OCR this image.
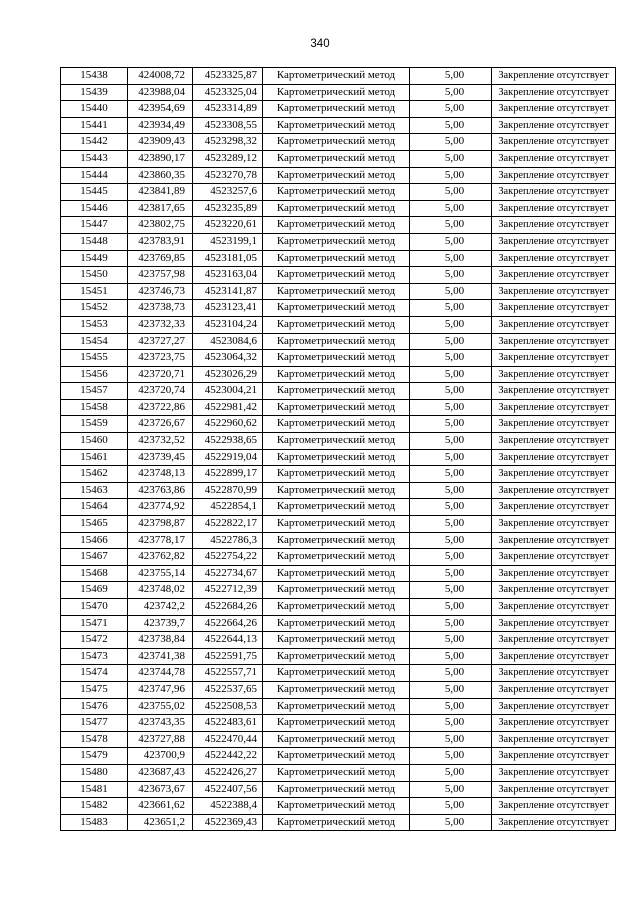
340
15438	424008,72	4523325,87	Картометрический метод	5,00	Закрепление отсутствует
15439	423988,04	4523325,04	Картометрический метод	5,00	Закрепление отсутствует
15440	423954,69	4523314,89	Картометрический метод	5,00	Закрепление отсутствует
15441	423934,49	4523308,55	Картометрический метод	5,00	Закрепление отсутствует
15442	423909,43	4523298,32	Картометрический метод	5,00	Закрепление отсутствует
15443	423890,17	4523289,12	Картометрический метод	5,00	Закрепление отсутствует
15444	423860,35	4523270,78	Картометрический метод	5,00	Закрепление отсутствует
15445	423841,89	4523257,6	Картометрический метод	5,00	Закрепление отсутствует
15446	423817,65	4523235,89	Картометрический метод	5,00	Закрепление отсутствует
15447	423802,75	4523220,61	Картометрический метод	5,00	Закрепление отсутствует
15448	423783,91	4523199,1	Картометрический метод	5,00	Закрепление отсутствует
15449	423769,85	4523181,05	Картометрический метод	5,00	Закрепление отсутствует
15450	423757,98	4523163,04	Картометрический метод	5,00	Закрепление отсутствует
15451	423746,73	4523141,87	Картометрический метод	5,00	Закрепление отсутствует
15452	423738,73	4523123,41	Картометрический метод	5,00	Закрепление отсутствует
15453	423732,33	4523104,24	Картометрический метод	5,00	Закрепление отсутствует
15454	423727,27	4523084,6	Картометрический метод	5,00	Закрепление отсутствует
15455	423723,75	4523064,32	Картометрический метод	5,00	Закрепление отсутствует
15456	423720,71	4523026,29	Картометрический метод	5,00	Закрепление отсутствует
15457	423720,74	4523004,21	Картометрический метод	5,00	Закрепление отсутствует
15458	423722,86	4522981,42	Картометрический метод	5,00	Закрепление отсутствует
15459	423726,67	4522960,62	Картометрический метод	5,00	Закрепление отсутствует
15460	423732,52	4522938,65	Картометрический метод	5,00	Закрепление отсутствует
15461	423739,45	4522919,04	Картометрический метод	5,00	Закрепление отсутствует
15462	423748,13	4522899,17	Картометрический метод	5,00	Закрепление отсутствует
15463	423763,86	4522870,99	Картометрический метод	5,00	Закрепление отсутствует
15464	423774,92	4522854,1	Картометрический метод	5,00	Закрепление отсутствует
15465	423798,87	4522822,17	Картометрический метод	5,00	Закрепление отсутствует
15466	423778,17	4522786,3	Картометрический метод	5,00	Закрепление отсутствует
15467	423762,82	4522754,22	Картометрический метод	5,00	Закрепление отсутствует
15468	423755,14	4522734,67	Картометрический метод	5,00	Закрепление отсутствует
15469	423748,02	4522712,39	Картометрический метод	5,00	Закрепление отсутствует
15470	423742,2	4522684,26	Картометрический метод	5,00	Закрепление отсутствует
15471	423739,7	4522664,26	Картометрический метод	5,00	Закрепление отсутствует
15472	423738,84	4522644,13	Картометрический метод	5,00	Закрепление отсутствует
15473	423741,38	4522591,75	Картометрический метод	5,00	Закрепление отсутствует
15474	423744,78	4522557,71	Картометрический метод	5,00	Закрепление отсутствует
15475	423747,96	4522537,65	Картометрический метод	5,00	Закрепление отсутствует
15476	423755,02	4522508,53	Картометрический метод	5,00	Закрепление отсутствует
15477	423743,35	4522483,61	Картометрический метод	5,00	Закрепление отсутствует
15478	423727,88	4522470,44	Картометрический метод	5,00	Закрепление отсутствует
15479	423700,9	4522442,22	Картометрический метод	5,00	Закрепление отсутствует
15480	423687,43	4522426,27	Картометрический метод	5,00	Закрепление отсутствует
15481	423673,67	4522407,56	Картометрический метод	5,00	Закрепление отсутствует
15482	423661,62	4522388,4	Картометрический метод	5,00	Закрепление отсутствует
15483	423651,2	4522369,43	Картометрический метод	5,00	Закрепление отсутствует
